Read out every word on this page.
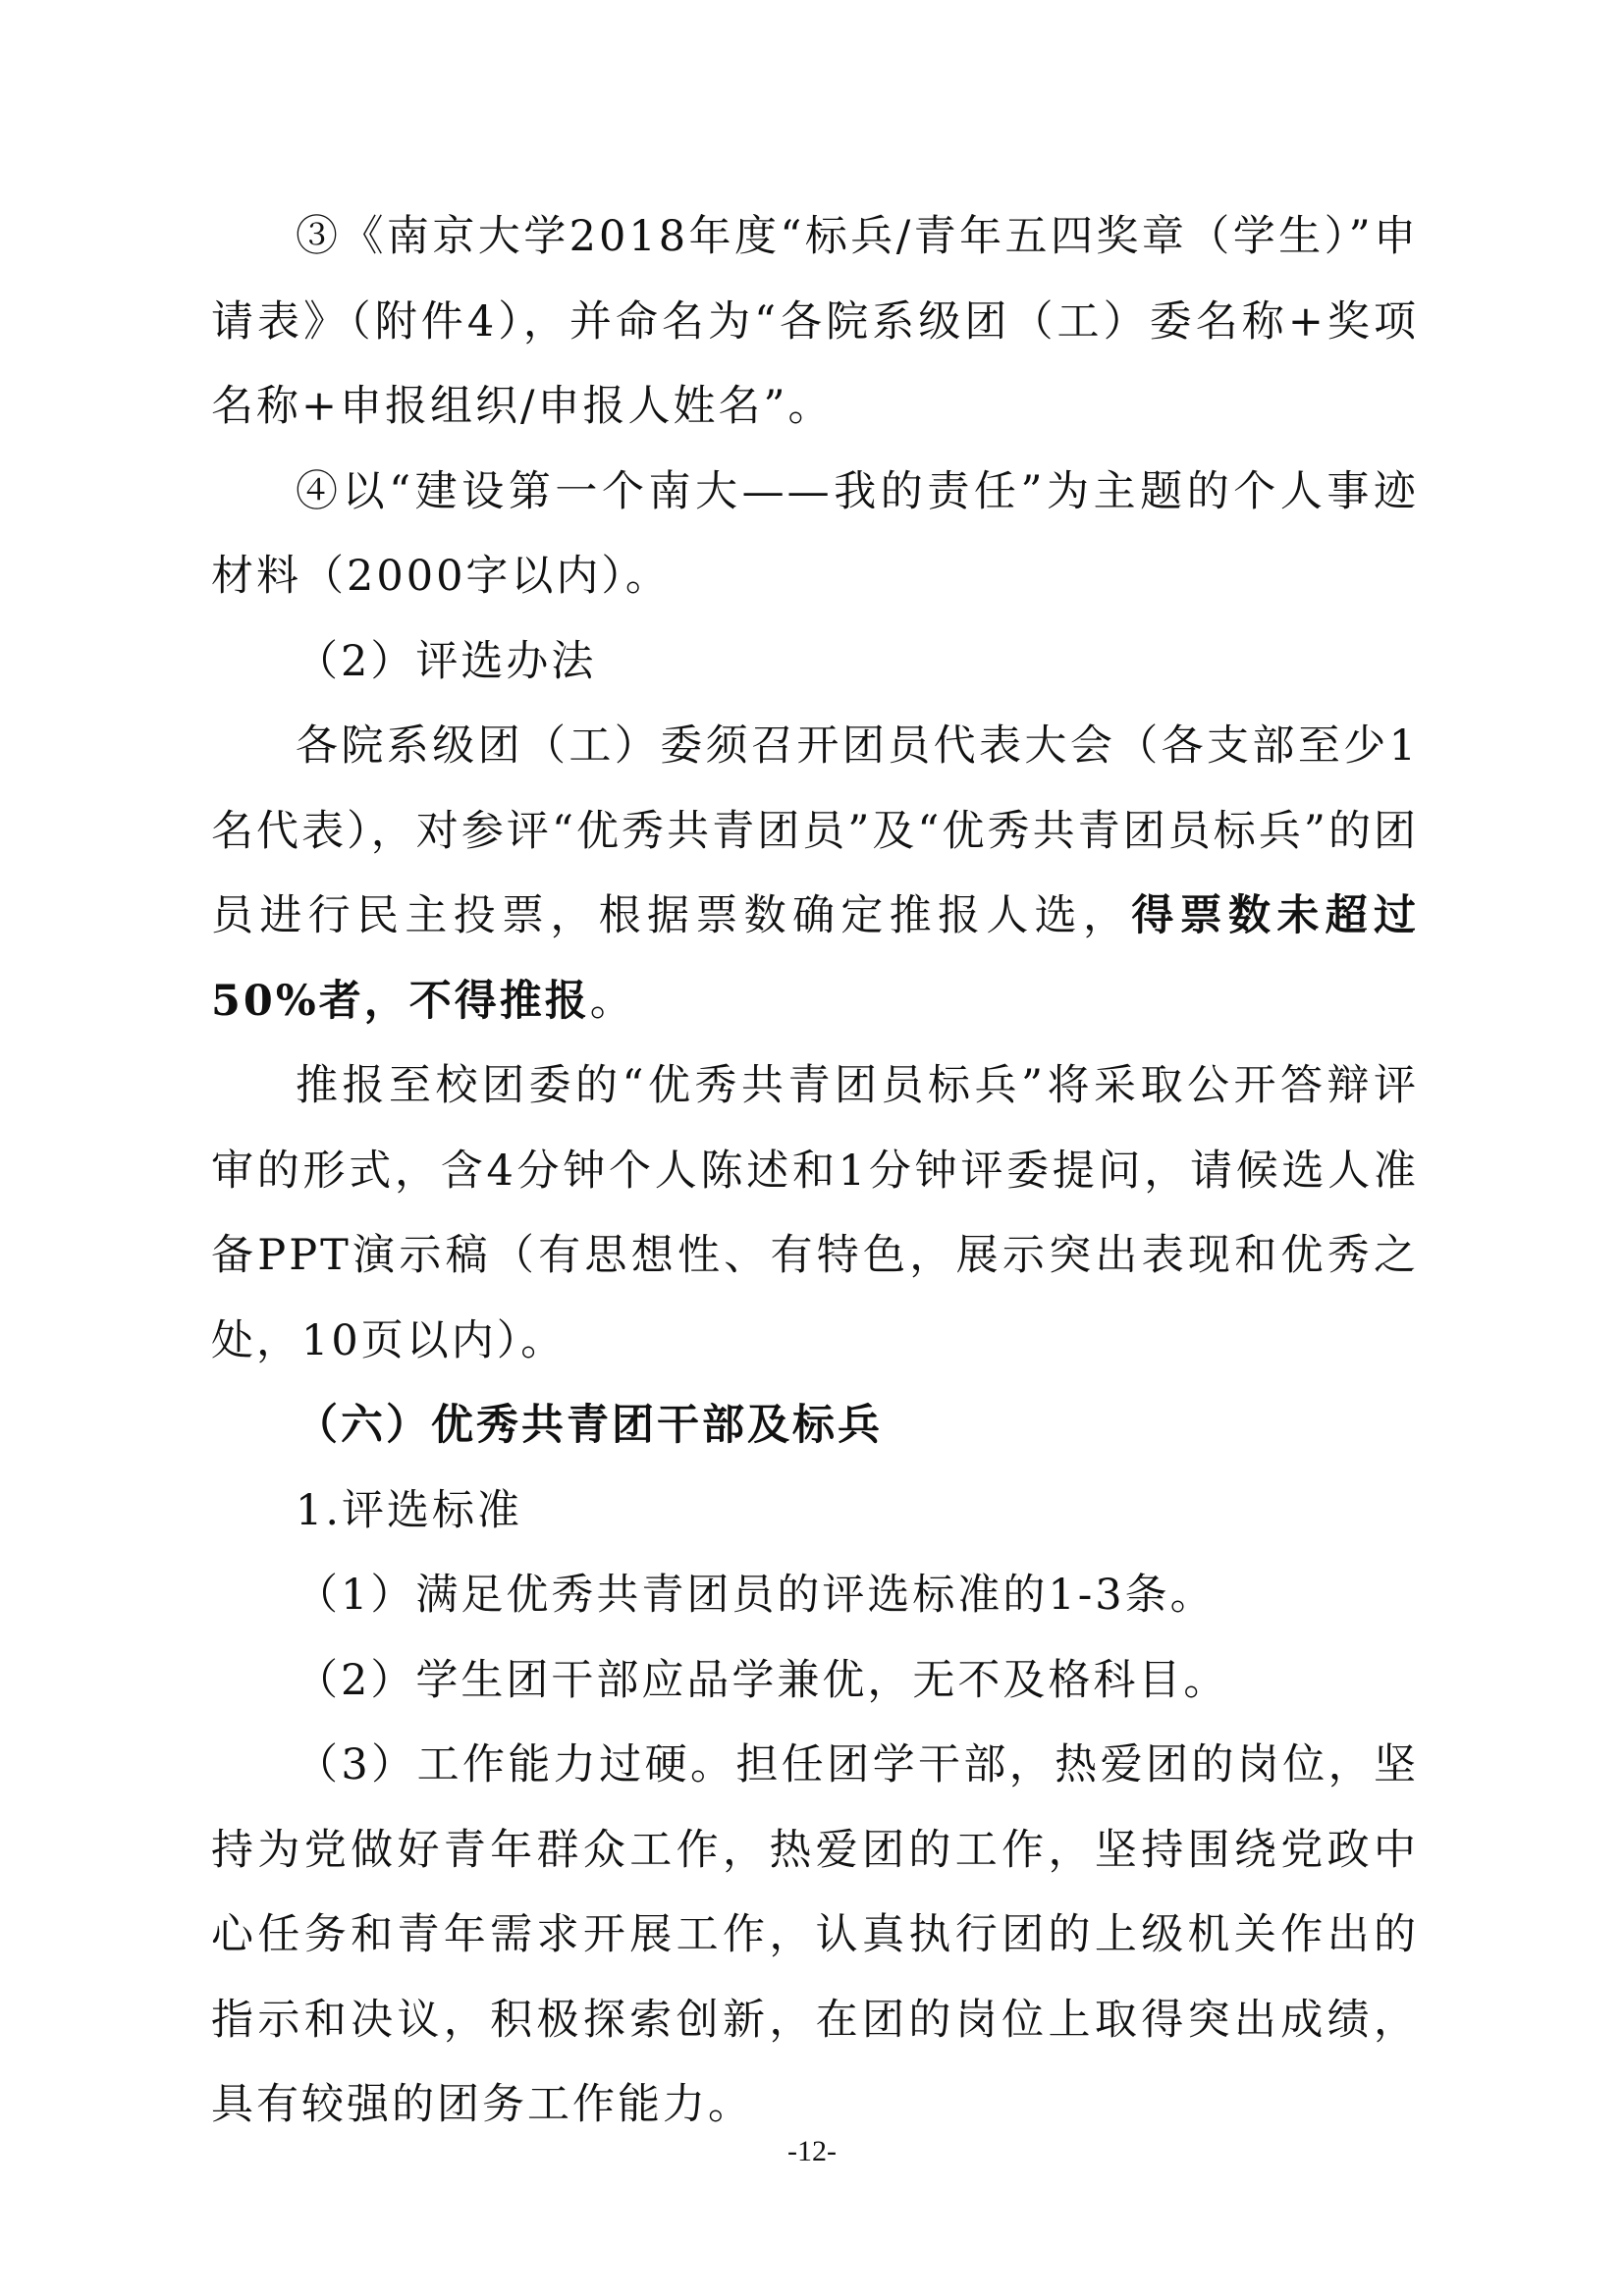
③《南京大学2018年度“标兵/青年五四奖章（学生）”申请表》（附件4），并命名为“各院系级团（工）委名称+奖项名称+申报组织/申报人姓名”。

④以“建设第一个南大——我的责任”为主题的个人事迹材料（2000字以内）。

（2）评选办法

各院系级团（工）委须召开团员代表大会（各支部至少1名代表），对参评“优秀共青团员”及“优秀共青团员标兵”的团员进行民主投票，根据票数确定推报人选，得票数未超过50%者，不得推报。

推报至校团委的“优秀共青团员标兵”将采取公开答辩评审的形式，含4分钟个人陈述和1分钟评委提问，请候选人准备PPT演示稿（有思想性、有特色，展示突出表现和优秀之处，10页以内）。

（六）优秀共青团干部及标兵

1.评选标准

（1）满足优秀共青团员的评选标准的1-3条。

（2）学生团干部应品学兼优，无不及格科目。

（3）工作能力过硬。担任团学干部，热爱团的岗位，坚持为党做好青年群众工作，热爱团的工作，坚持围绕党政中心任务和青年需求开展工作，认真执行团的上级机关作出的指示和决议，积极探索创新，在团的岗位上取得突出成绩，具有较强的团务工作能力。

-12-
